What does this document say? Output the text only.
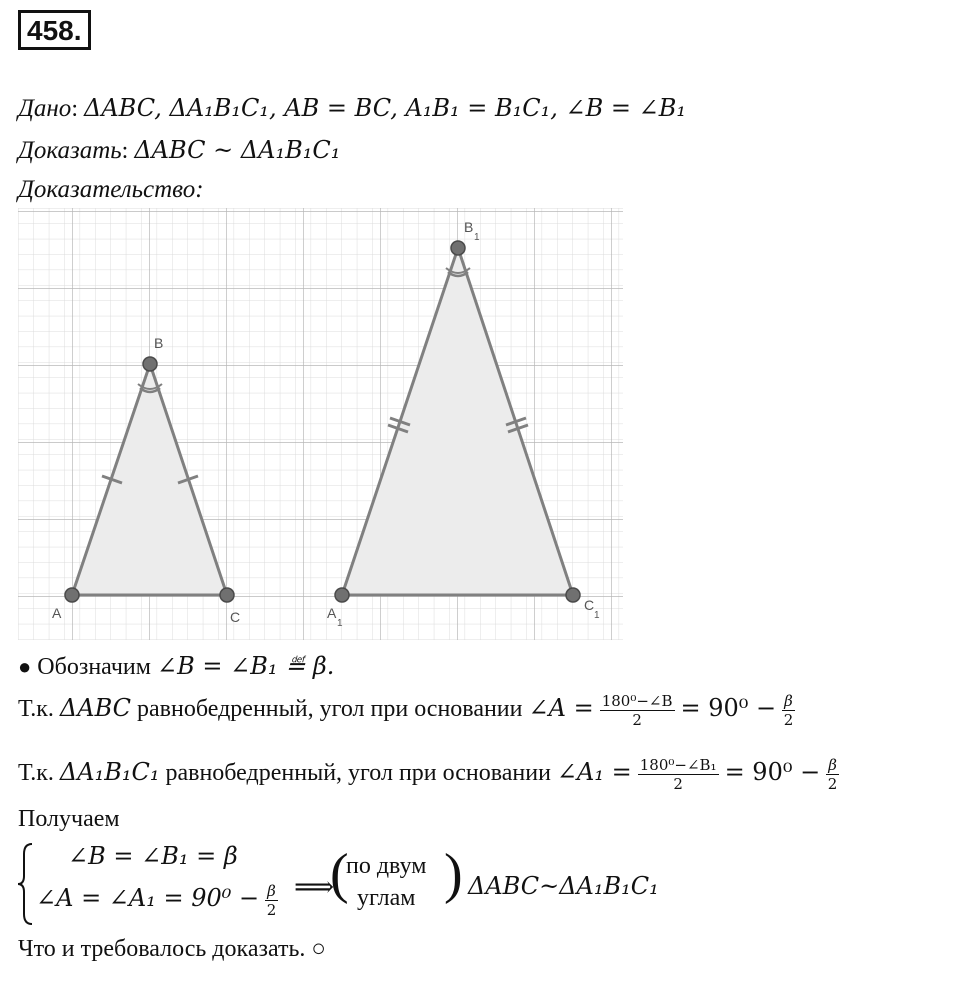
458.
Дано: ΔABC, ΔA₁B₁C₁, AB = BC, A₁B₁ = B₁C₁, ∠B = ∠B₁
Доказать: ΔABC ~ ΔA₁B₁C₁
Доказательство:
A
B
C	A
1
B
1
C
1
● Обозначим ∠B = ∠B₁ ≝ β.
Т.к. ΔABC равнобедренный, угол при основании ∠A = $\frac{\text{180⁰−∠B}}{2} = 90^0 - \frac{\beta}{2}$
Т.к. ΔA₁B₁C₁ равнобедренный, угол при основании ∠A₁ = $\frac{\text{180⁰−∠B₁}}{2} = 90^0 - \frac{\beta}{2}$
Получаем
∠B = ∠B₁ = β
∠A = ∠A₁ = $90^0 - \frac{\beta}{2}$ ⟹
(
по двум
углам ) ΔABC~ΔA₁B₁C₁
Что и требовалось доказать. ○
